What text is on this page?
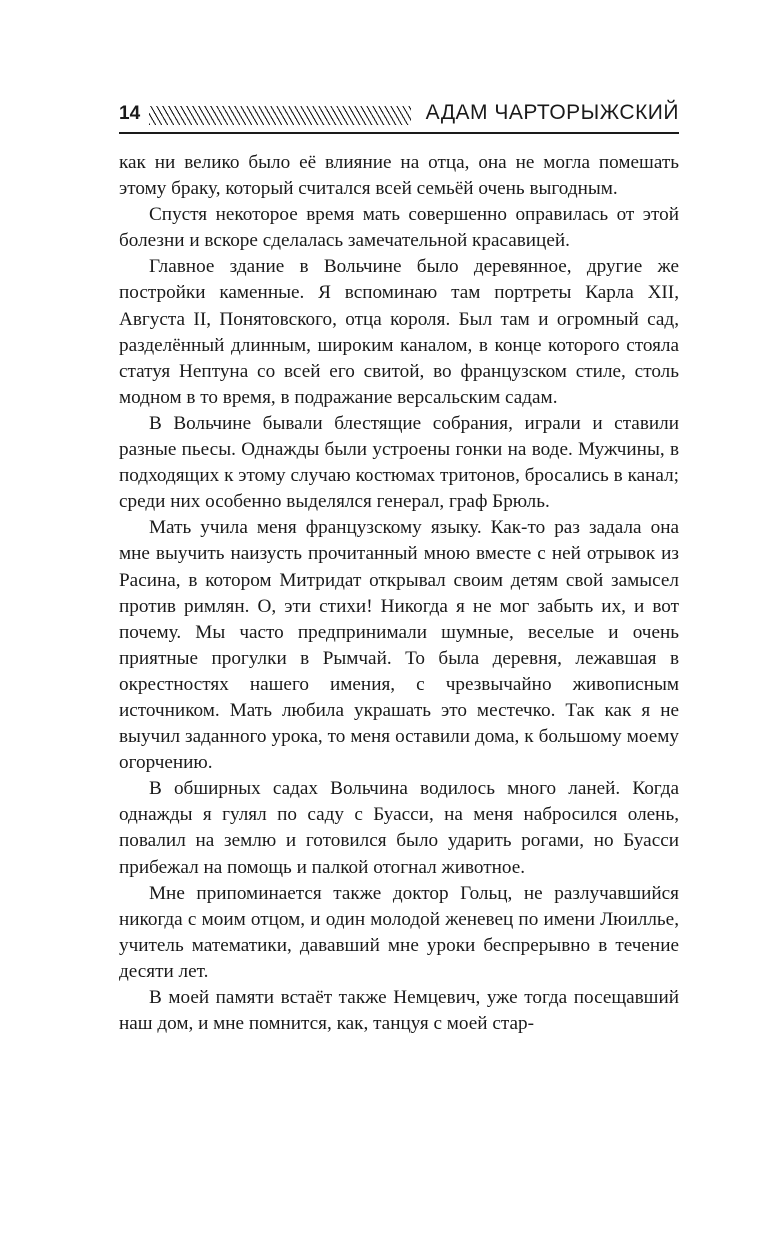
14	АДАМ ЧАРТОРЫЖСКИЙ

как ни велико было её влияние на отца, она не могла помешать этому браку, который считался всей семьёй очень выгодным.

Спустя некоторое время мать совершенно оправилась от этой болезни и вскоре сделалась замечательной красавицей.

Главное здание в Вольчине было деревянное, другие же постройки каменные. Я вспоминаю там портреты Карла XII, Августа II, Понятовского, отца короля. Был там и огромный сад, разделённый длинным, широким каналом, в конце которого стояла статуя Нептуна со всей его свитой, во французском стиле, столь модном в то время, в подражание версальским садам.

В Вольчине бывали блестящие собрания, играли и ставили разные пьесы. Однажды были устроены гонки на воде. Мужчины, в подходящих к этому случаю костюмах тритонов, бросались в канал; среди них особенно выделялся генерал, граф Брюль.

Мать учила меня французскому языку. Как-то раз задала она мне выучить наизусть прочитанный мною вместе с ней отрывок из Расина, в котором Митридат открывал своим детям свой замысел против римлян. О, эти стихи! Никогда я не мог забыть их, и вот почему. Мы часто предпринимали шумные, веселые и очень приятные прогулки в Рымчай. То была деревня, лежавшая в окрестностях нашего имения, с чрезвычайно живописным источником. Мать любила украшать это местечко. Так как я не выучил заданного урока, то меня оставили дома, к большому моему огорчению.

В обширных садах Вольчина водилось много ланей. Когда однажды я гулял по саду с Буасси, на меня набросился олень, повалил на землю и готовился было ударить рогами, но Буасси прибежал на помощь и палкой отогнал животное.

Мне припоминается также доктор Гольц, не разлучавшийся никогда с моим отцом, и один молодой женевец по имени Люиллье, учитель математики, дававший мне уроки беспрерывно в течение десяти лет.

В моей памяти встаёт также Немцевич, уже тогда посещавший наш дом, и мне помнится, как, танцуя с моей стар-
